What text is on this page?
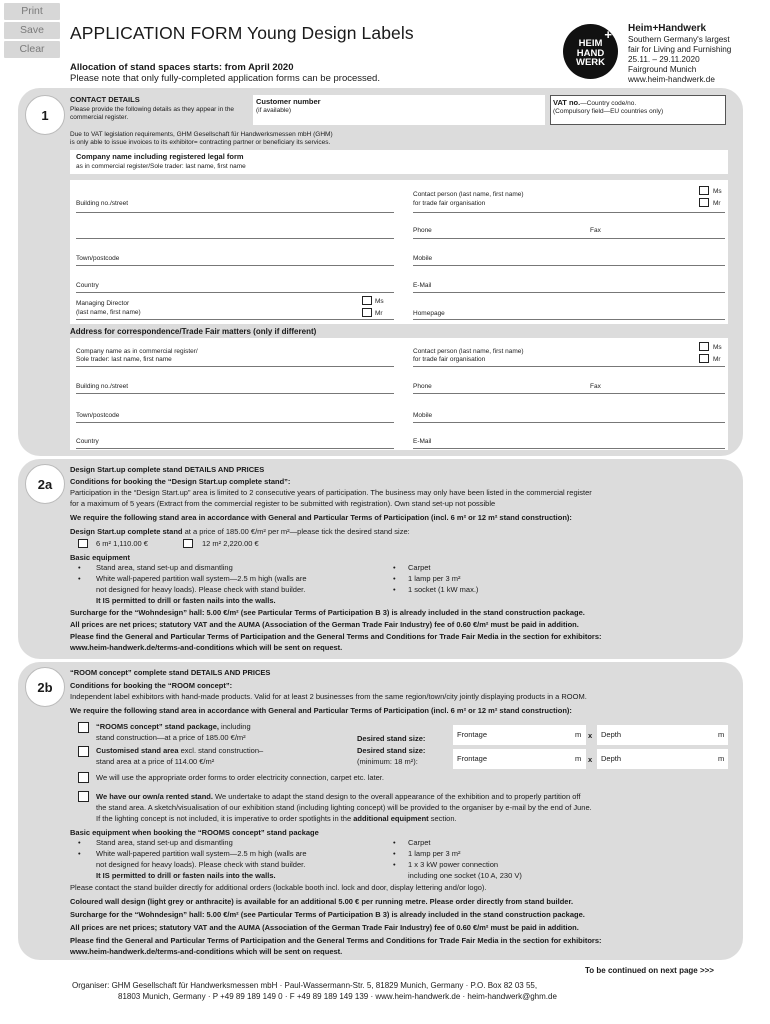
Print
Save
Clear
APPLICATION FORM Young Design Labels
Allocation of stand spaces starts: from April 2020
Please note that only fully-completed application forms can be processed.
+
HEIM
HAND
WERK
Heim+Handwerk
Southern Germany's largest
fair for Living and Furnishing
25.11. – 29.11.2020
Fairground Munich
www.heim-handwerk.de
1
CONTACT DETAILS
Please provide the following details as they appear in the commercial register.
Customer number
(if available)
VAT no.—Country code/no.
(Compulsory field—EU countries only)
Due to VAT legislation requirements, GHM Gesellschaft für Handwerksmessen mbH (GHM)
is only able to issue invoices to its exhibitor= contracting partner or beneficiary its services.
Company name including registered legal form
as in commercial register/Sole trader: last name, first name
Building no./street
Town/postcode
Country
Managing Director
(last name, first name)
Ms
Mr
Contact person (last name, first name)
for trade fair organisation
Ms
Mr
Phone	Fax
Mobile
E-Mail
Homepage
Address for correspondence/Trade Fair matters (only if different)
Company name as in commercial register/
Sole trader: last name, first name
Building no./street
Town/postcode
Country
Contact person (last name, first name)
for trade fair organisation
Ms
Mr
Phone	Fax
Mobile
E-Mail
2a
Design Start.up complete stand DETAILS AND PRICES
Conditions for booking the “Design Start.up complete stand”:
Participation in the “Design Start.up” area is limited to 2 consecutive years of participation. The business may only have been listed in the commercial register
for a maximum of 5 years (Extract from the commercial register to be submitted with registration). Own stand set-up not possible
We require the following stand area in accordance with General and Particular Terms of Participation (incl. 6 m² or 12 m² stand construction):
Design Start.up complete stand at a price of 185.00 €/m² per m²—please tick the desired stand size:
6 m² 1,110.00 €	12 m² 2,220.00 €
Basic equipment
• Stand area, stand set-up and dismantling
• White wall-papered partition wall system—2.5 m high (walls are
not designed for heavy loads). Please check with stand builder.
It IS permitted to drill or fasten nails into the walls.
• Carpet
• 1 lamp per 3 m²
• 1 socket (1 kW max.)
Surcharge for the “Wohndesign” hall: 5.00 €/m² (see Particular Terms of Participation B 3) is already included in the stand construction package.
All prices are net prices; statutory VAT and the AUMA (Association of the German Trade Fair Industry) fee of 0.60 €/m² must be paid in addition.
Please find the General and Particular Terms of Participation and the General Terms and Conditions for Trade Fair Media in the section for exhibitors:
www.heim-handwerk.de/terms-and-conditions which will be sent on request.
2b
“ROOM concept” complete stand DETAILS AND PRICES
Conditions for booking the “ROOM concept”:
Independent label exhibitors with hand-made products. Valid for at least 2 businesses from the same region/town/city jointly displaying products in a ROOM.
We require the following stand area in accordance with General and Particular Terms of Participation (incl. 6 m² or 12 m² stand construction):
“ROOMS concept” stand package, including
stand construction—at a price of 185.00 €/m²	Desired stand size:	Frontage	m x Depth	m
Customised stand area excl. stand construction–
stand area at a price of 114.00 €/m²
Desired stand size:
(minimum: 18 m²):	Frontage	m x Depth	m
We will use the appropriate order forms to order electricity connection, carpet etc. later.
We have our own/a rented stand. We undertake to adapt the stand design to the overall appearance of the exhibition and to properly partition off
the stand area. A sketch/visualisation of our exhibition stand (including lighting concept) will be provided to the organiser by e-mail by the end of June.
If the lighting concept is not included, it is imperative to order spotlights in the additional equipment section.
Basic equipment when booking the “ROOMS concept” stand package
• Stand area, stand set-up and dismantling
• White wall-papered partition wall system—2.5 m high (walls are
not designed for heavy loads). Please check with stand builder.
It IS permitted to drill or fasten nails into the walls.
• Carpet
• 1 lamp per 3 m²
• 1 x 3 kW power connection
including one socket (10 A, 230 V)
Please contact the stand builder directly for additional orders (lockable booth incl. lock and door, display lettering and/or logo).
Coloured wall design (light grey or anthracite) is available for an additional 5.00 € per running metre. Please order directly from stand builder.
Surcharge for the “Wohndesign” hall: 5.00 €/m² (see Particular Terms of Participation B 3) is already included in the stand construction package.
All prices are net prices; statutory VAT and the AUMA (Association of the German Trade Fair Industry) fee of 0.60 €/m² must be paid in addition.
Please find the General and Particular Terms of Participation and the General Terms and Conditions for Trade Fair Media in the section for exhibitors:
www.heim-handwerk.de/terms-and-conditions which will be sent on request.
To be continued on next page >>>
Organiser: GHM Gesellschaft für Handwerksmessen mbH · Paul-Wassermann-Str. 5, 81829 Munich, Germany · P.O. Box 82 03 55,
81803 Munich, Germany · P +49 89 189 149 0 · F +49 89 189 149 139 · www.heim-handwerk.de · heim-handwerk@ghm.de
